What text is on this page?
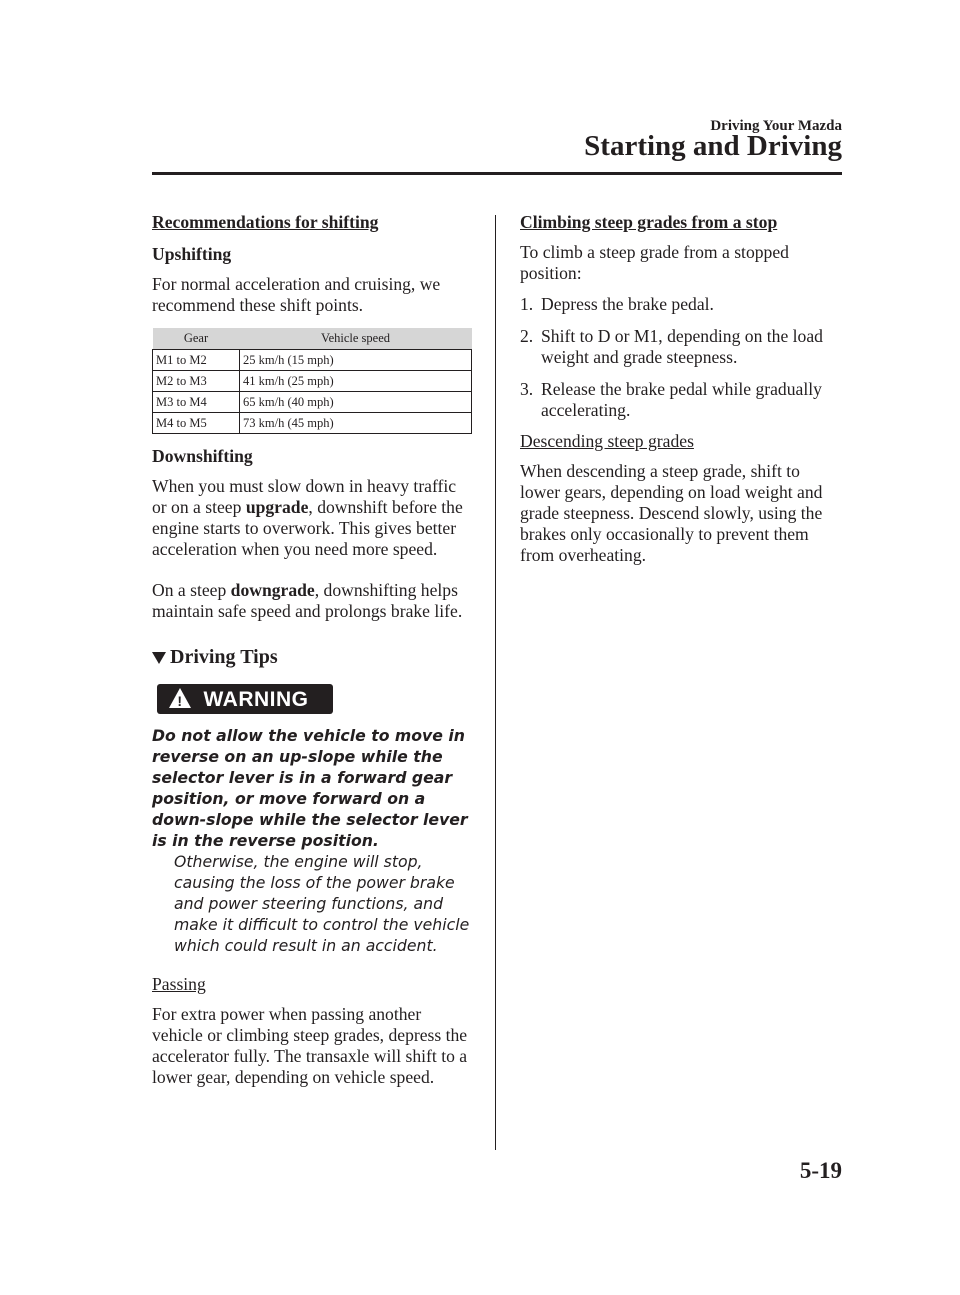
Driving Your Mazda
Starting and Driving

Recommendations for shifting

Upshifting

For normal acceleration and cruising, we recommend these shift points.

Gear	Vehicle speed
M1 to M2	25 km/h (15 mph)
M2 to M3	41 km/h (25 mph)
M3 to M4	65 km/h (40 mph)
M4 to M5	73 km/h (45 mph)

Downshifting

When you must slow down in heavy traffic or on a steep upgrade, downshift before the engine starts to overwork. This gives better acceleration when you need more speed.

On a steep downgrade, downshifting helps maintain safe speed and prolongs brake life.

Driving Tips
! WARNING

Do not allow the vehicle to move in reverse on an up-slope while the selector lever is in a forward gear position, or move forward on a down-slope while the selector lever is in the reverse position.

Otherwise, the engine will stop, causing the loss of the power brake and power steering functions, and make it difficult to control the vehicle which could result in an accident.

Passing

For extra power when passing another vehicle or climbing steep grades, depress the accelerator fully. The transaxle will shift to a lower gear, depending on vehicle speed.

Climbing steep grades from a stop

To climb a steep grade from a stopped position:

1. Depress the brake pedal.
2. Shift to D or M1, depending on the load weight and grade steepness.
3. Release the brake pedal while gradually accelerating.

Descending steep grades

When descending a steep grade, shift to lower gears, depending on load weight and grade steepness. Descend slowly, using the brakes only occasionally to prevent them from overheating.

5-19
